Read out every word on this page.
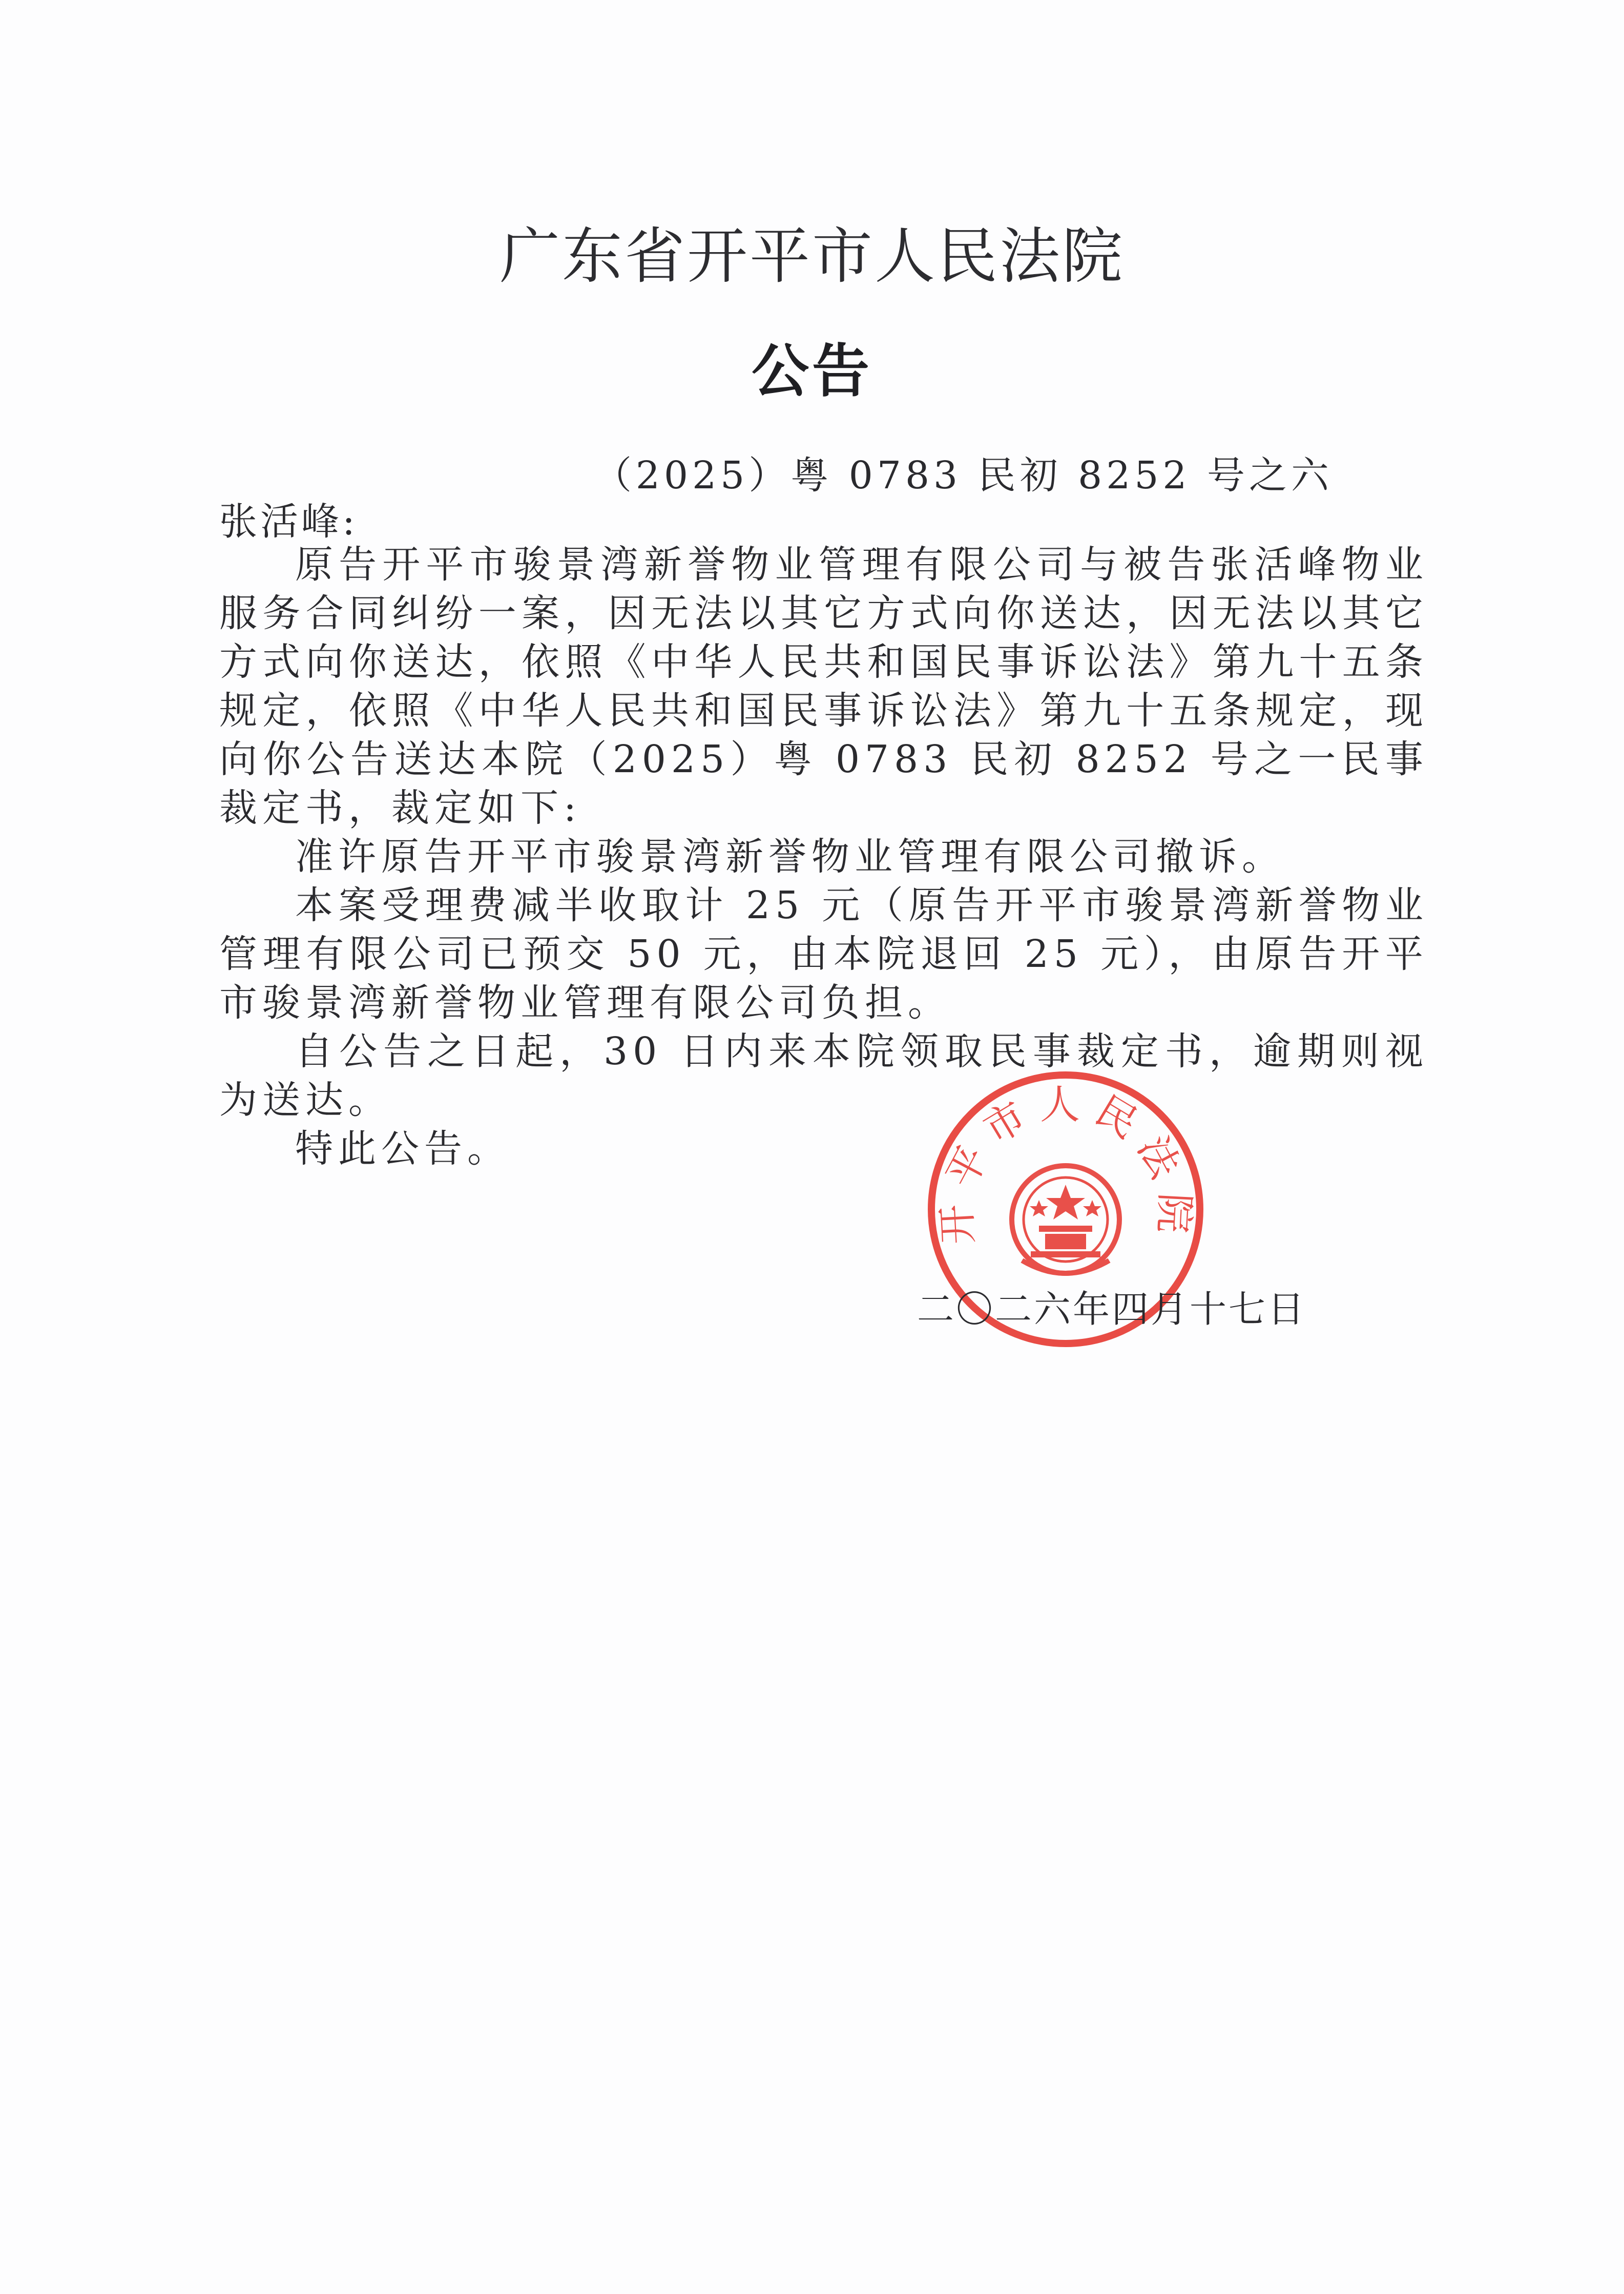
广东省开平市人民法院
公告
（2025）粤 0783 民初 8252 号之六
张活峰:

原告开平市骏景湾新誉物业管理有限公司与被告张活峰物业服务合同纠纷一案，因无法以其它方式向你送达，因无法以其它方式向你送达，依照《中华人民共和国民事诉讼法》第九十五条规定，依照《中华人民共和国民事诉讼法》第九十五条规定，现向你公告送达本院（2025）粤 0783 民初 8252 号之一民事裁定书，裁定如下:

准许原告开平市骏景湾新誉物业管理有限公司撤诉。

本案受理费减半收取计 25 元（原告开平市骏景湾新誉物业管理有限公司已预交 50 元，由本院退回 25 元），由原告开平市骏景湾新誉物业管理有限公司负担。

自公告之日起，30 日内来本院领取民事裁定书，逾期则视为送达。

特此公告。

开平市人民法院
二〇二六年四月十七日
